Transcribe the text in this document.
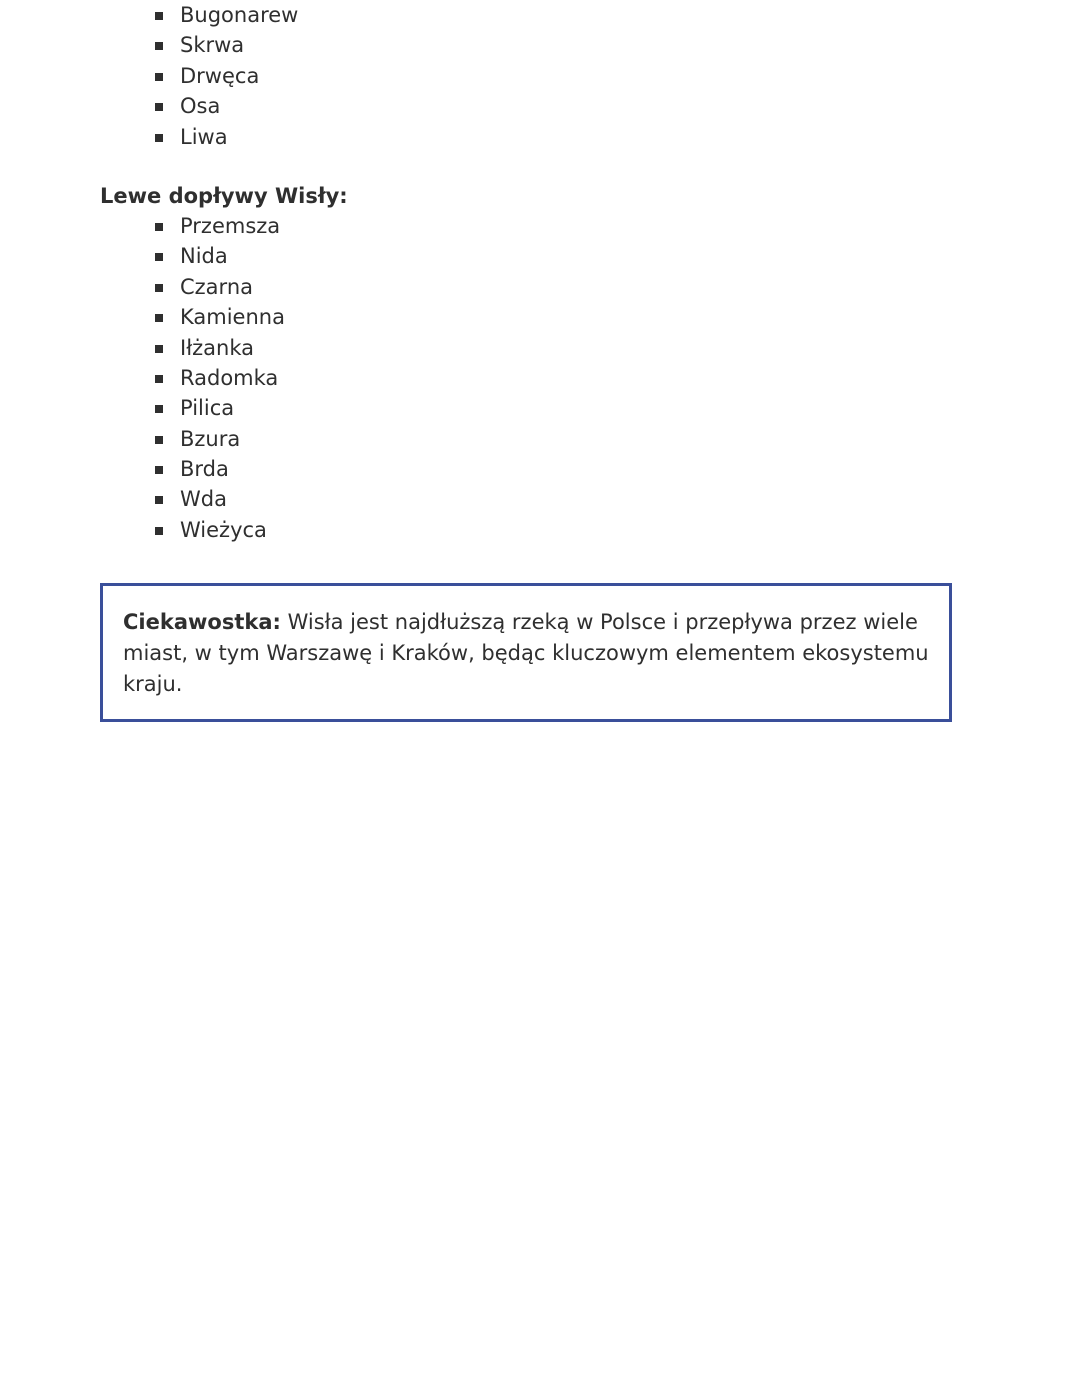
Bugonarew
Skrwa
Drwęca
Osa
Liwa
Lewe dopływy Wisły:
Przemsza
Nida
Czarna
Kamienna
Iłżanka
Radomka
Pilica
Bzura
Brda
Wda
Wieżyca
Ciekawostka: Wisła jest najdłuższą rzeką w Polsce i przepływa przez wiele miast, w tym Warszawę i Kraków, będąc kluczowym elementem ekosystemu kraju.
